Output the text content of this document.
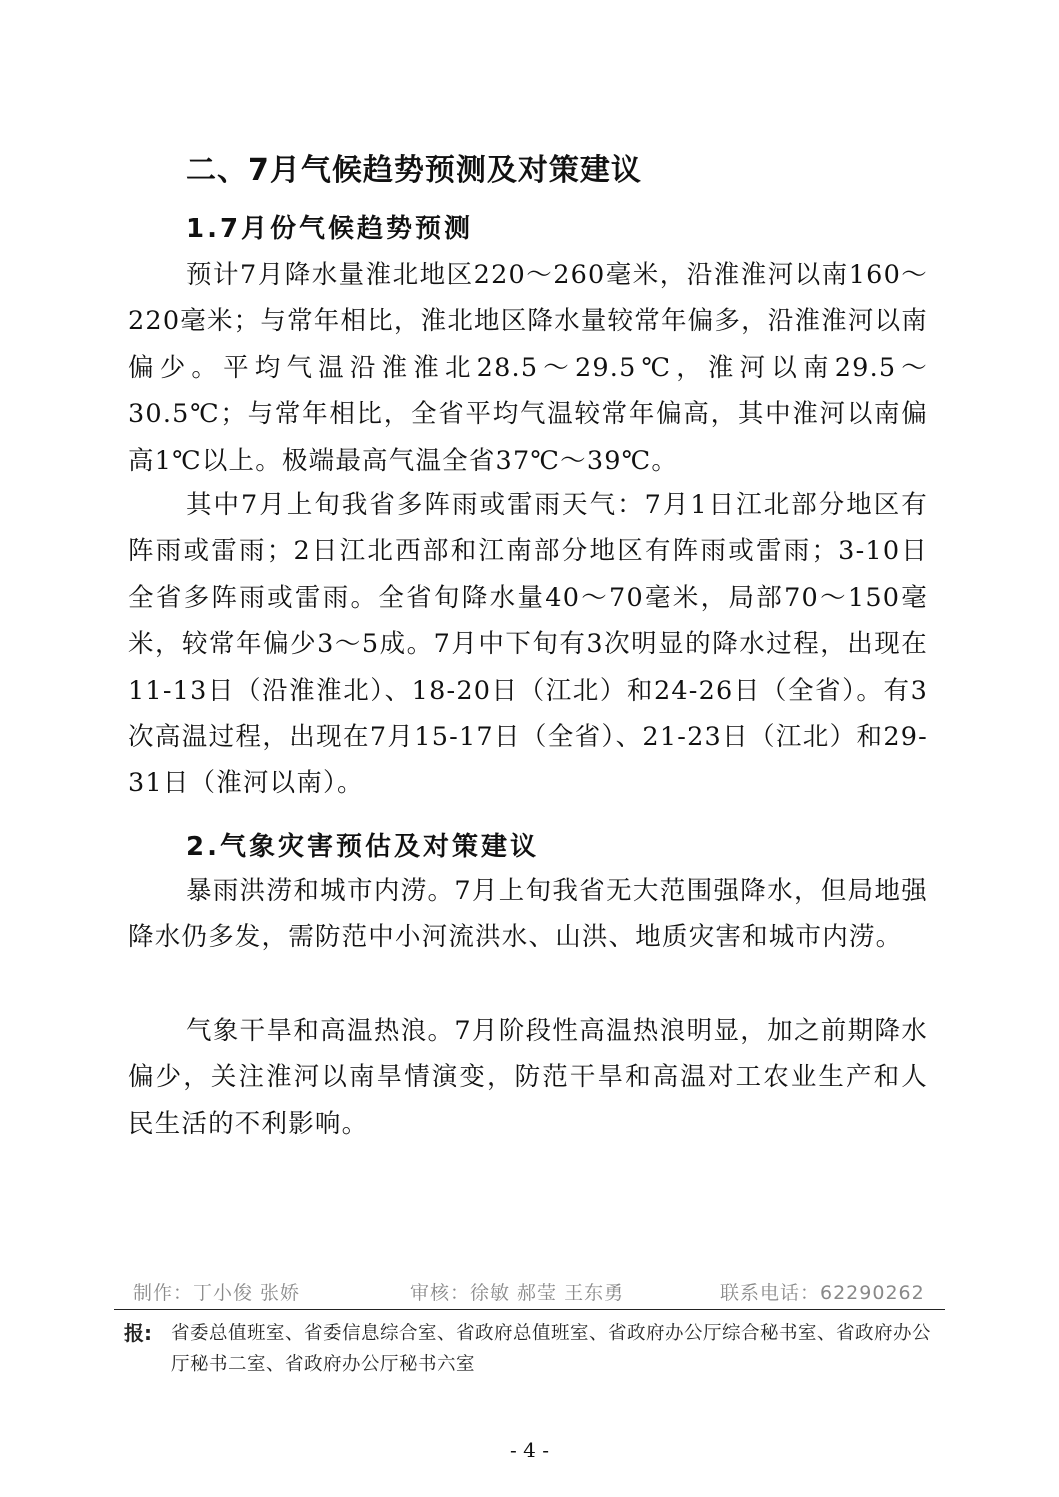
二、7月气候趋势预测及对策建议
1.7月份气候趋势预测

预计7月降水量淮北地区220～260毫米，沿淮淮河以南160～220毫米；与常年相比，淮北地区降水量较常年偏多，沿淮淮河以南偏少。平均气温沿淮淮北28.5～29.5℃，淮河以南29.5～30.5℃；与常年相比，全省平均气温较常年偏高，其中淮河以南偏高1℃以上。极端最高气温全省37℃～39℃。

其中7月上旬我省多阵雨或雷雨天气：7月1日江北部分地区有阵雨或雷雨；2日江北西部和江南部分地区有阵雨或雷雨；3-10日全省多阵雨或雷雨。全省旬降水量40～70毫米，局部70～150毫米，较常年偏少3～5成。7月中下旬有3次明显的降水过程，出现在11-13日（沿淮淮北）、18-20日（江北）和24-26日（全省）。有3次高温过程，出现在7月15-17日（全省）、21-23日（江北）和29-31日（淮河以南）。

2.气象灾害预估及对策建议

暴雨洪涝和城市内涝。7月上旬我省无大范围强降水，但局地强降水仍多发，需防范中小河流洪水、山洪、地质灾害和城市内涝。

气象干旱和高温热浪。7月阶段性高温热浪明显，加之前期降水偏少，关注淮河以南旱情演变，防范干旱和高温对工农业生产和人民生活的不利影响。

制作：丁小俊 张娇	审核：徐敏 郝莹 王东勇	联系电话：62290262
报: 省委总值班室、省委信息综合室、省政府总值班室、省政府办公厅综合秘书室、省政府办公厅秘书二室、省政府办公厅秘书六室

- 4 -
